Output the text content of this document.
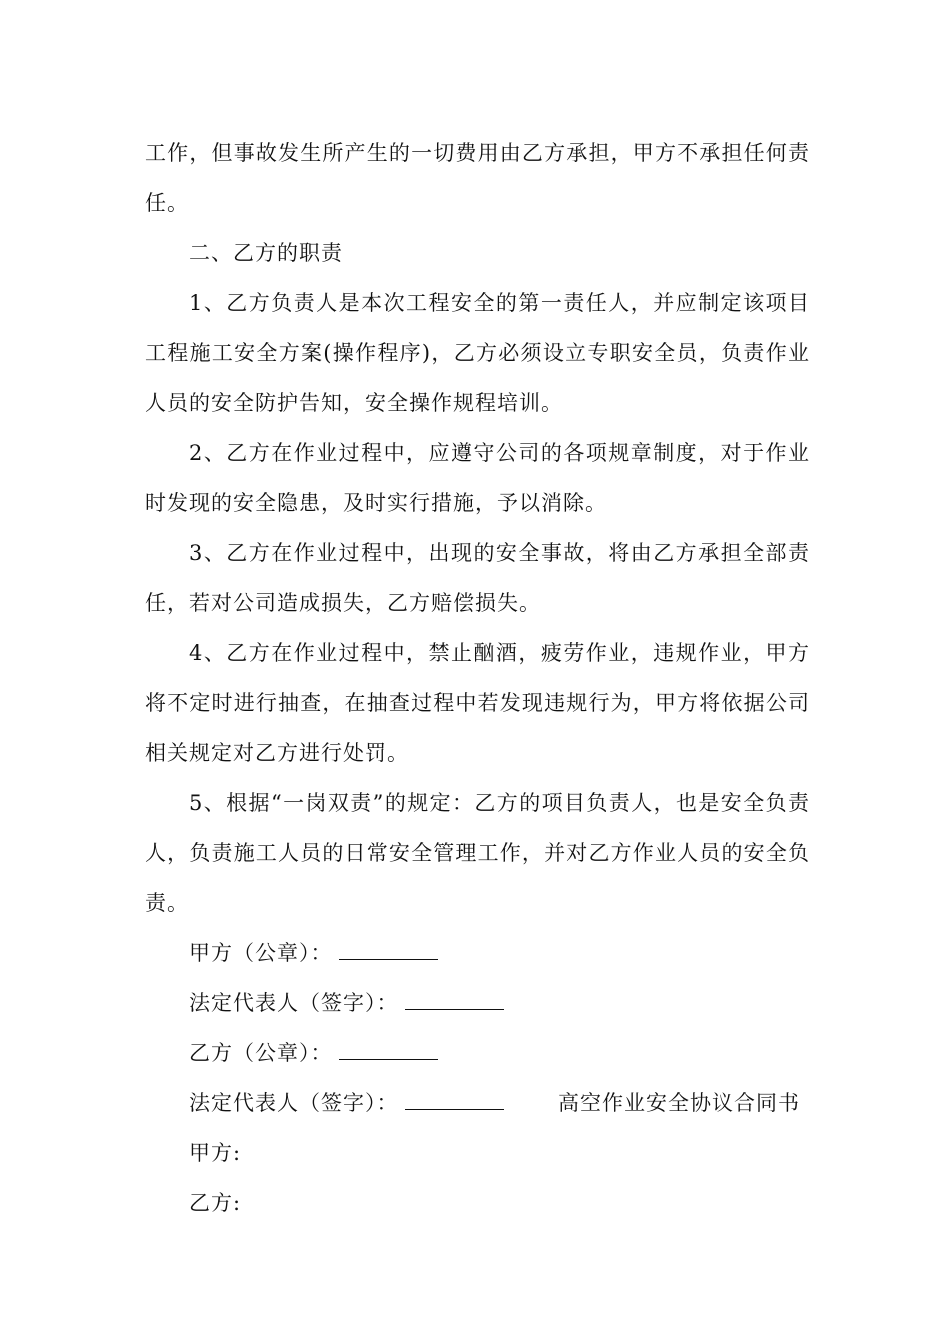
工作，但事故发生所产生的一切费用由乙方承担，甲方不承担任何责任。

二、乙方的职责

1、乙方负责人是本次工程安全的第一责任人，并应制定该项目工程施工安全方案(操作程序)，乙方必须设立专职安全员，负责作业人员的安全防护告知，安全操作规程培训。

2、乙方在作业过程中，应遵守公司的各项规章制度，对于作业时发现的安全隐患，及时实行措施，予以消除。

3、乙方在作业过程中，出现的安全事故，将由乙方承担全部责任，若对公司造成损失，乙方赔偿损失。

4、乙方在作业过程中，禁止酗酒，疲劳作业，违规作业，甲方将不定时进行抽查，在抽查过程中若发现违规行为，甲方将依据公司相关规定对乙方进行处罚。

5、根据“一岗双责”的规定：乙方的项目负责人，也是安全负责人，负责施工人员的日常安全管理工作，并对乙方作业人员的安全负责。

甲方（公章）：
法定代表人（签字）：
乙方（公章）：
法定代表人（签字）：	高空作业安全协议合同书
甲方:
乙方:
